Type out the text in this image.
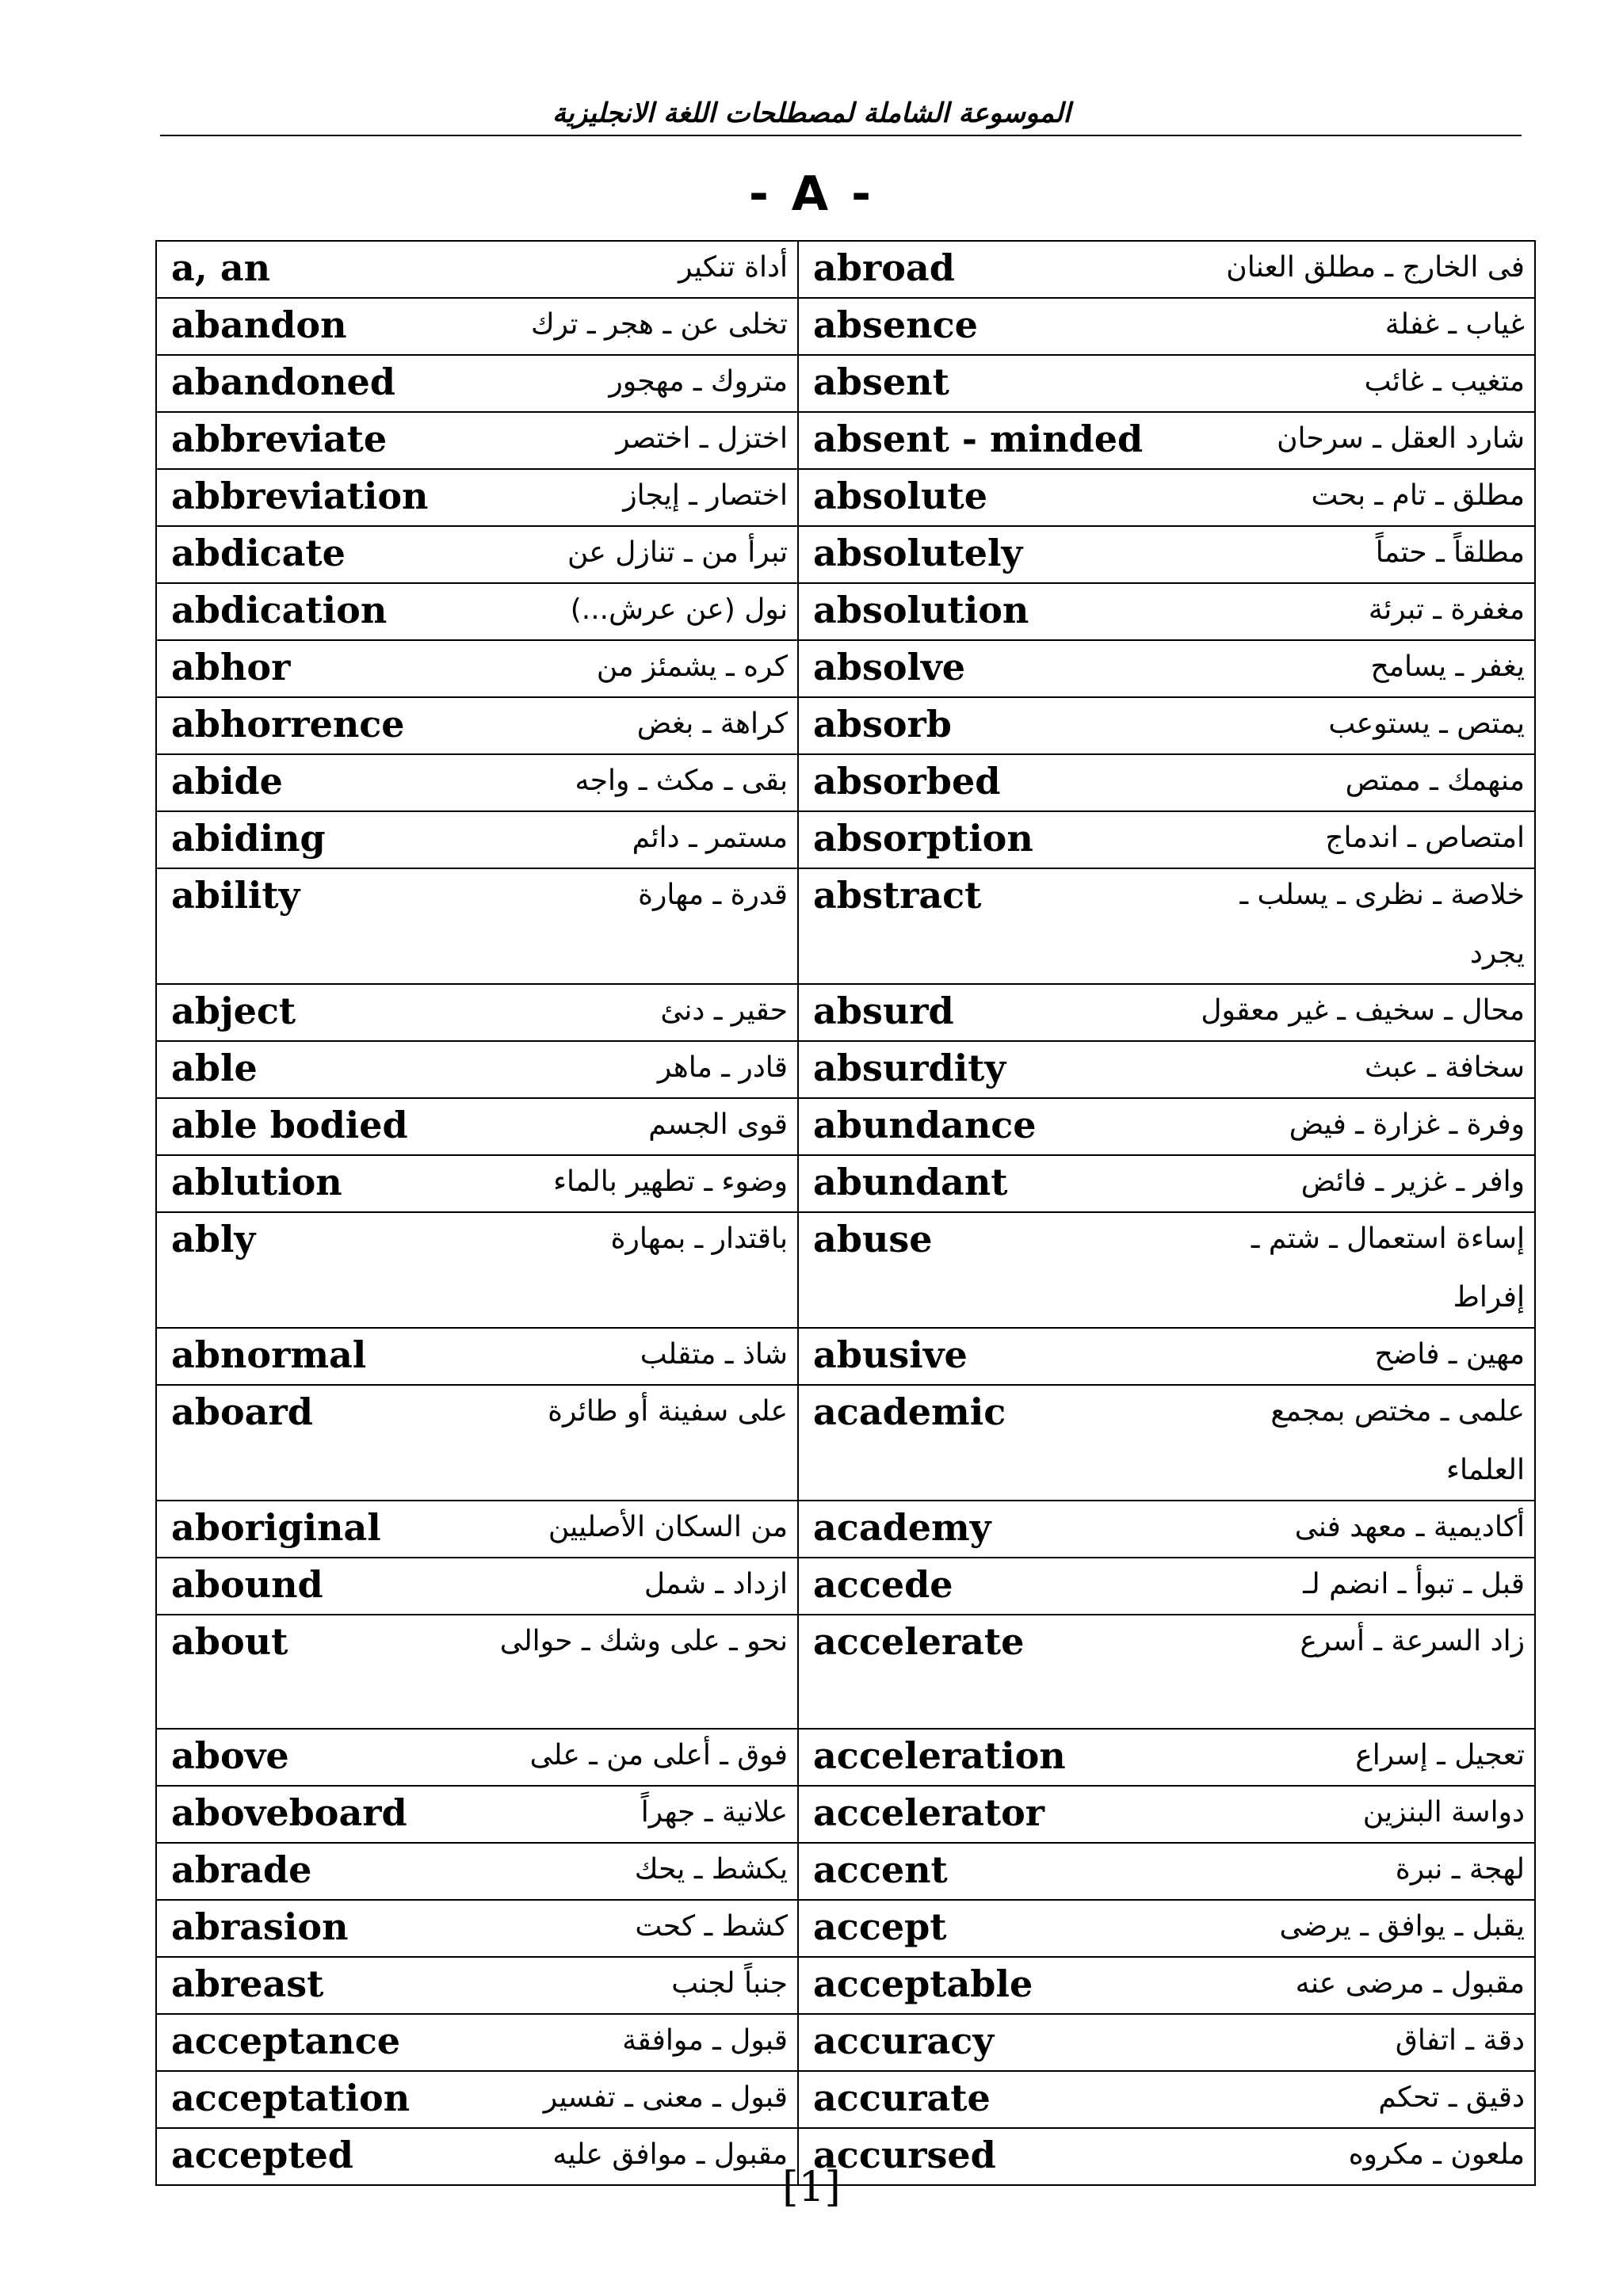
الموسوعة الشاملة لمصطلحات اللغة الانجليزية
- A -
a, an أداة تنكير	abroad فى الخارج ـ مطلق العنان

abandon تخلى عن ـ هجر ـ ترك	absence غياب ـ غفلة

abandoned متروك ـ مهجور	absent متغيب ـ غائب

abbreviate اختزل ـ اختصر	absent - minded شارد العقل ـ سرحان

abbreviation اختصار ـ إيجاز	absolute مطلق ـ تام ـ بحت

abdicate تبرأ من ـ تنازل عن	absolutely مطلقاً ـ حتماً

abdication نول (عن عرش...)	absolution مغفرة ـ تبرئة

abhor كره ـ يشمئز من	absolve يغفر ـ يسامح

abhorrence كراهة ـ بغض	absorb يمتص ـ يستوعب

abide بقى ـ مكث ـ واجه	absorbed منهمك ـ ممتص

abiding مستمر ـ دائم	absorption امتصاص ـ اندماج

ability قدرة ـ مهارة	abstract خلاصة ـ نظرى ـ يسلب ـ يجرد

abject حقير ـ دنئ	absurd محال ـ سخيف ـ غير معقول

able قادر ـ ماهر	absurdity سخافة ـ عبث

able bodied قوى الجسم	abundance وفرة ـ غزارة ـ فيض

ablution وضوء ـ تطهير بالماء	abundant وافر ـ غزير ـ فائض

ably باقتدار ـ بمهارة	abuse إساءة استعمال ـ شتم ـ إفراط

abnormal شاذ ـ متقلب	abusive مهين ـ فاضح

aboard على سفينة أو طائرة	academic علمى ـ مختص بمجمع العلماء

aboriginal من السكان الأصليين	academy أكاديمية ـ معهد فنى

abound ازداد ـ شمل	accede قبل ـ تبوأ ـ انضم لـ

about نحو ـ على وشك ـ حوالى	accelerate زاد السرعة ـ أسرع

above فوق ـ أعلى من ـ على	acceleration تعجيل ـ إسراع

aboveboard علانية ـ جهراً	accelerator دواسة البنزين

abrade يكشط ـ يحك	accent لهجة ـ نبرة

abrasion كشط ـ كحت	accept يقبل ـ يوافق ـ يرضى

abreast جنباً لجنب	acceptable مقبول ـ مرضى عنه

acceptance قبول ـ موافقة	accuracy دقة ـ اتفاق

acceptation قبول ـ معنى ـ تفسير	accurate دقيق ـ تحكم

accepted مقبول ـ موافق عليه	accursed ملعون ـ مكروه
[1]
